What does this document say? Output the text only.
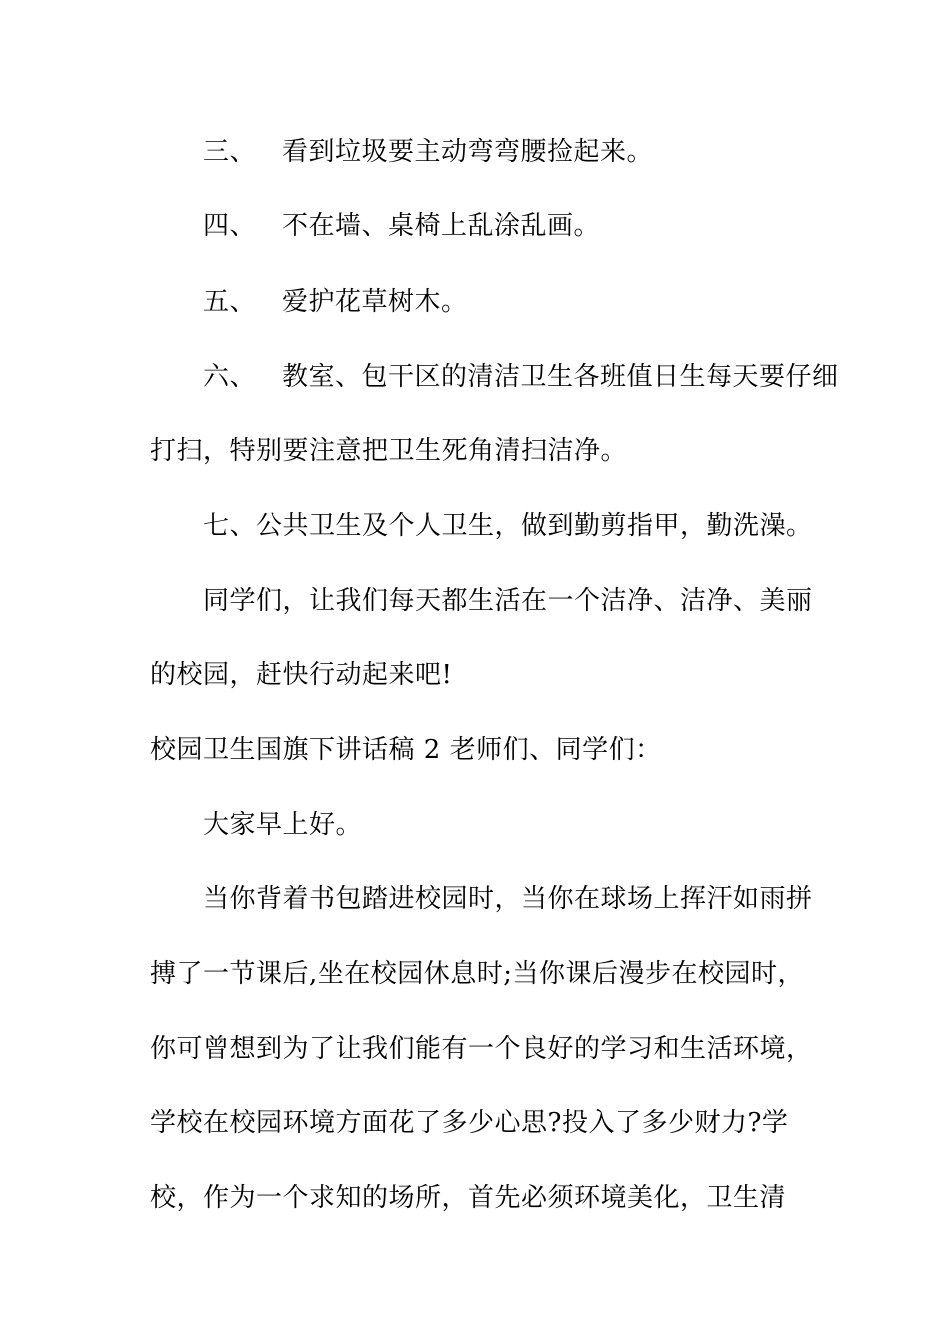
三、 看到垃圾要主动弯弯腰捡起来。
四、 不在墙、桌椅上乱涂乱画。
五、 爱护花草树木。
六、 教室、包干区的清洁卫生各班值日生每天要仔细
打扫，特别要注意把卫生死角清扫洁净。
七、公共卫生及个人卫生，做到勤剪指甲，勤洗澡。
同学们，让我们每天都生活在一个洁净、洁净、美丽
的校园，赶快行动起来吧!
校园卫生国旗下讲话稿 2 老师们、同学们：
大家早上好。
当你背着书包踏进校园时，当你在球场上挥汗如雨拼
搏了一节课后,坐在校园休息时;当你课后漫步在校园时，
你可曾想到为了让我们能有一个良好的学习和生活环境，
学校在校园环境方面花了多少心思?投入了多少财力?学
校，作为一个求知的场所，首先必须环境美化，卫生清
